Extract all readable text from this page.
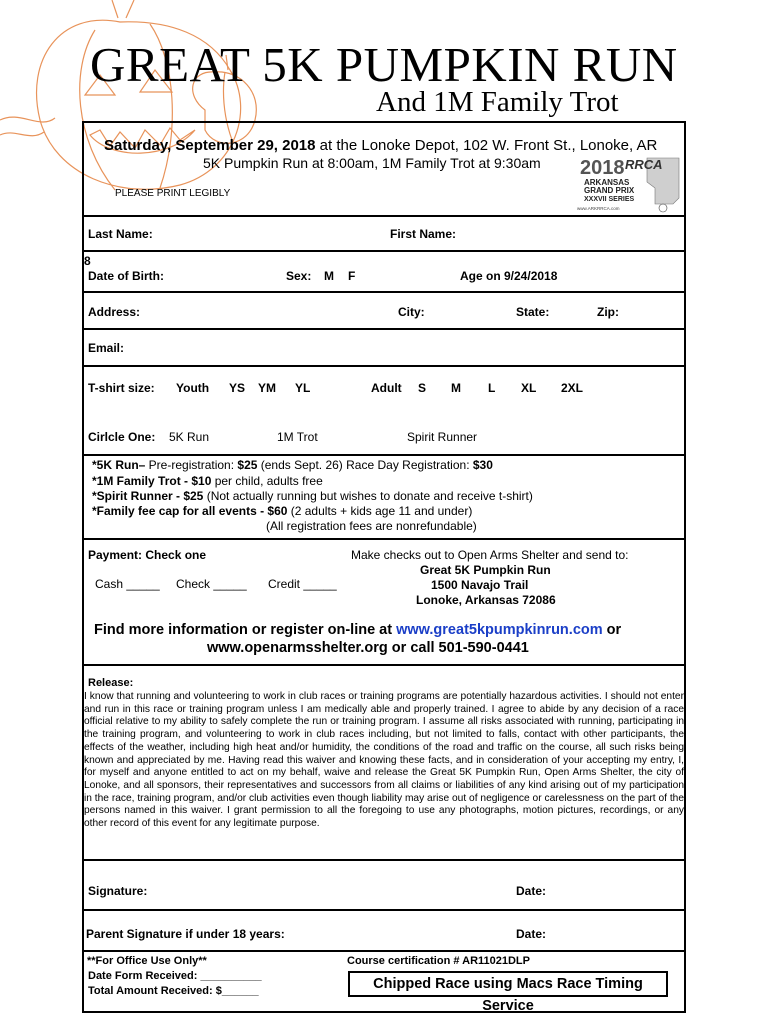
GREAT 5K PUMPKIN RUN
And 1M Family Trot
Saturday, September 29, 2018 at the Lonoke Depot, 102 W. Front St., Lonoke, AR
5K Pumpkin Run at 8:00am, 1M Family Trot at 9:30am
PLEASE PRINT LEGIBLY
2018 RRCA
ARKANSAS
GRAND PRIX
XXXVII SERIES
www.ARKRRCA.com
Last Name:	First Name:
8
Date of Birth:	Sex: M F	Age on 9/24/2018
Address:	City:	State:	Zip:
Email:
T-shirt size: Youth YS YM YL	Adult S M L XL 2XL
Cirlcle One: 5K Run	1M Trot	Spirit Runner
*5K Run– Pre-registration: $25 (ends Sept. 26) Race Day Registration: $30
*1M Family Trot - $10 per child, adults free
*Spirit Runner - $25 (Not actually running but wishes to donate and receive t-shirt)
*Family fee cap for all events - $60 (2 adults + kids age 11 and under)
(All registration fees are nonrefundable)
Payment: Check one
Cash _____ Check _____ Credit _____
Make checks out to Open Arms Shelter and send to:
Great 5K Pumpkin Run
1500 Navajo Trail
Lonoke, Arkansas 72086
Find more information or register on-line at www.great5kpumpkinrun.com or
www.openarmsshelter.org or call 501-590-0441
Release:
I know that running and volunteering to work in club races or training programs are potentially hazardous activities. I should not enter and run in this race or training program unless I am medically able and properly trained. I agree to abide by any decision of a race official relative to my ability to safely complete the run or training program. I assume all risks associated with running, participating in the training program, and volunteering to work in club races including, but not limited to falls, contact with other participants, the effects of the weather, including high heat and/or humidity, the conditions of the road and traffic on the course, all such risks being known and appreciated by me. Having read this waiver and knowing these facts, and in consideration of your accepting my entry, I, for myself and anyone entitled to act on my behalf, waive and release the Great 5K Pumpkin Run, Open Arms Shelter, the city of Lonoke, and all sponsors, their representatives and successors from all claims or liabilities of any kind arising out of my participation in the race, training program, and/or club activities even though liability may arise out of negligence or carelessness on the part of the persons named in this waiver. I grant permission to all the foregoing to use any photographs, motion pictures, recordings, or any other record of this event for any legitimate purpose.
Signature:	Date:
Parent Signature if under 18 years:	Date:
**For Office Use Only**
Date Form Received: __________
Total Amount Received: $______
Course certification # AR11021DLP
Chipped Race using Macs Race Timing Service
